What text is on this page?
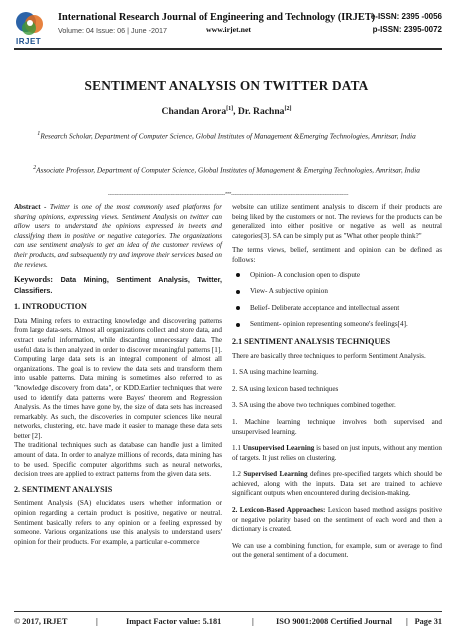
IRJET
International Research Journal of Engineering and Technology (IRJET)
Volume: 04 Issue: 06 | June -2017	www.irjet.net
e-ISSN: 2395 -0056
p-ISSN: 2395-0072
SENTIMENT ANALYSIS ON TWITTER DATA
Chandan Arora[1], Dr. Rachna[2]
$^1$Research Scholar, Department of Computer Science, Global Institutes of Management &Emerging Technologies, Amritsar, India
$^2$Associate Professor, Department of Computer Science, Global Institutes of Management & Emerging Technologies, Amritsar, India
---------------------------------------------------------------------***---------------------------------------------------------------------

Abstract - Twitter is one of the most commonly used platforms for sharing opinions, expressing views. Sentiment Analysis on twitter can allow users to understand the opinions expressed in tweets and classifying them in positive or negative categories. The organizations can use sentiment analysis to get an idea of the customer reviews of their products, and subsequently try and improve their services based on the reviews.

Keywords: Data Mining, Sentiment Analysis, Twitter, Classifiers.
1. INTRODUCTION

Data Mining refers to extracting knowledge and discovering patterns from large data-sets. Almost all organizations collect and store data, and extract useful information, while discarding unnecessary data. The useful data is then analyzed in order to discover meaningful patterns [1]. Computing large data sets is an integral component of almost all organizations. The goal is to review the data sets and transform them into usable patterns. Data mining is sometimes also referred to as "knowledge discovery from data", or KDD.Earlier techniques that were used to identify data patterns were Bayes' theorem and Regression Analysis. As the times have gone by, the size of data sets has increased remarkably. As such, the discoveries in computer sciences like neural networks, clustering, etc. have made it easier to manage these data sets better [2].

The traditional techniques such as database can handle just a limited amount of data. In order to analyze millions of records, data mining has to be used. Specific computer algorithms such as neural networks, decision trees are applied to extract patterns from the given data sets.

2. SENTIMENT ANALYSIS

Sentiment Analysis (SA) elucidates users whether information or opinion regarding a certain product is positive, negative or neutral. Sentiment basically refers to any opinion or a feeling expressed by someone. Various organizations use this analysis to understand users' opinion for their products. For example, a particular e-commerce

website can utilize sentiment analysis to discern if their products are being liked by the customers or not. The reviews for the products can be generalized into either positive or negative as well as neutral categories[3]. SA can be simply put as "What other people think?"

The terms views, belief, sentiment and opinion can be defined as follows:

Opinion- A conclusion open to dispute
View- A subjective opinion
Belief- Deliberate acceptance and intellectual assent
Sentiment- opinion representing someone's feelings[4].
2.1 SENTIMENT ANALYSIS TECHNIQUES

There are basically three techniques to perform Sentiment Analysis.

1. SA using machine learning.

2. SA using lexicon based techniques

3. SA using the above two techniques combined together.

1. Machine learning technique involves both supervised and unsupervised learning.

1.1 Unsupervised Learning is based on just inputs, without any mention of targets. It just relies on clustering.

1.2 Supervised Learning defines pre-specified targets which should be achieved, along with the inputs. Data set are trained to achieve significant outputs when encountered during decision-making.

2. Lexicon-Based Approaches: Lexicon based method assigns positive or negative polarity based on the sentiment of each word and then a dictionary is created.

We can use a combining function, for example, sum or average to find out the general sentiment of a document.

© 2017, IRJET	|	Impact Factor value: 5.181	|	ISO 9001:2008 Certified Journal | Page 31
